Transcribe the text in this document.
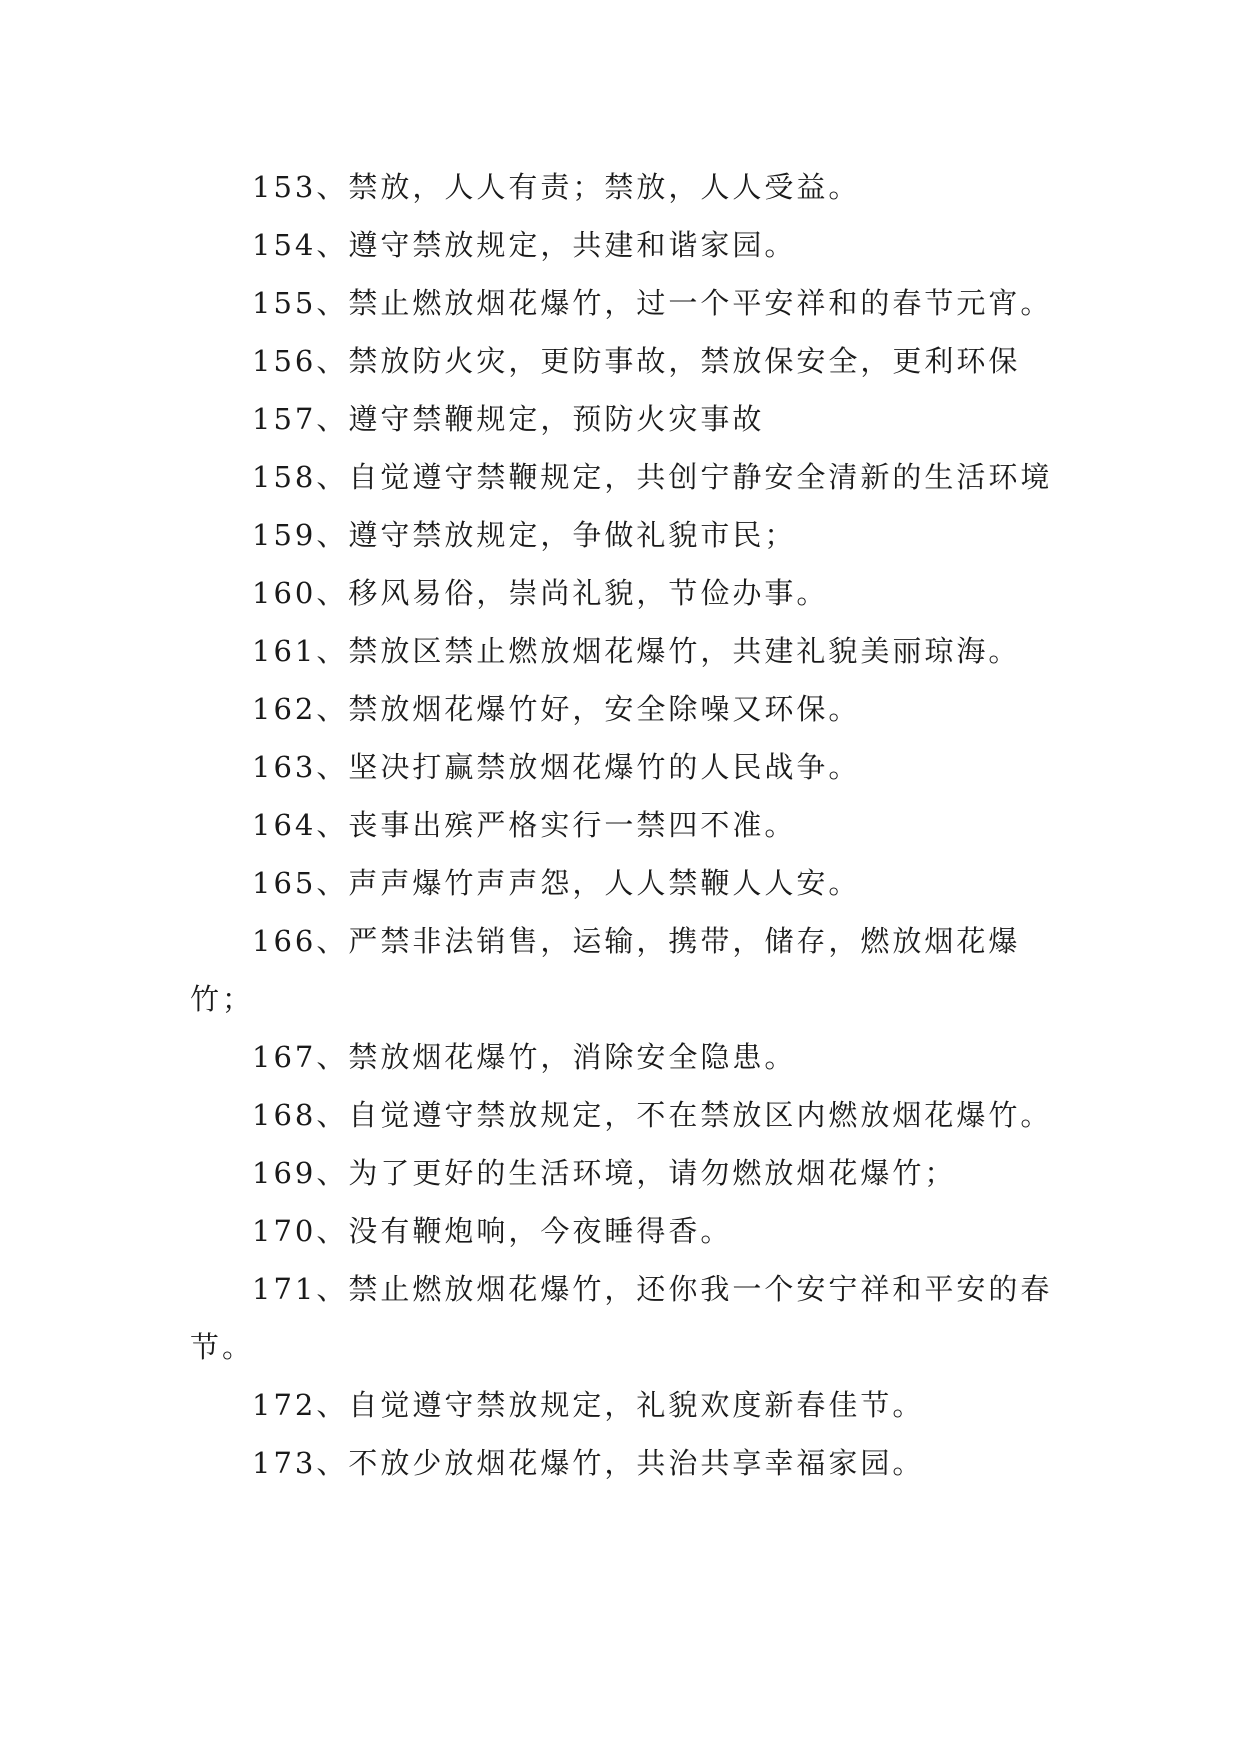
153、禁放，人人有责；禁放，人人受益。

154、遵守禁放规定，共建和谐家园。

155、禁止燃放烟花爆竹，过一个平安祥和的春节元宵。

156、禁放防火灾，更防事故，禁放保安全，更利环保

157、遵守禁鞭规定，预防火灾事故

158、自觉遵守禁鞭规定，共创宁静安全清新的生活环境

159、遵守禁放规定，争做礼貌市民；

160、移风易俗，崇尚礼貌，节俭办事。

161、禁放区禁止燃放烟花爆竹，共建礼貌美丽琼海。

162、禁放烟花爆竹好，安全除噪又环保。

163、坚决打赢禁放烟花爆竹的人民战争。

164、丧事出殡严格实行一禁四不准。

165、声声爆竹声声怨，人人禁鞭人人安。

166、严禁非法销售，运输，携带，储存，燃放烟花爆竹；

167、禁放烟花爆竹，消除安全隐患。

168、自觉遵守禁放规定，不在禁放区内燃放烟花爆竹。

169、为了更好的生活环境，请勿燃放烟花爆竹；

170、没有鞭炮响，今夜睡得香。

171、禁止燃放烟花爆竹，还你我一个安宁祥和平安的春节。

172、自觉遵守禁放规定，礼貌欢度新春佳节。

173、不放少放烟花爆竹，共治共享幸福家园。
